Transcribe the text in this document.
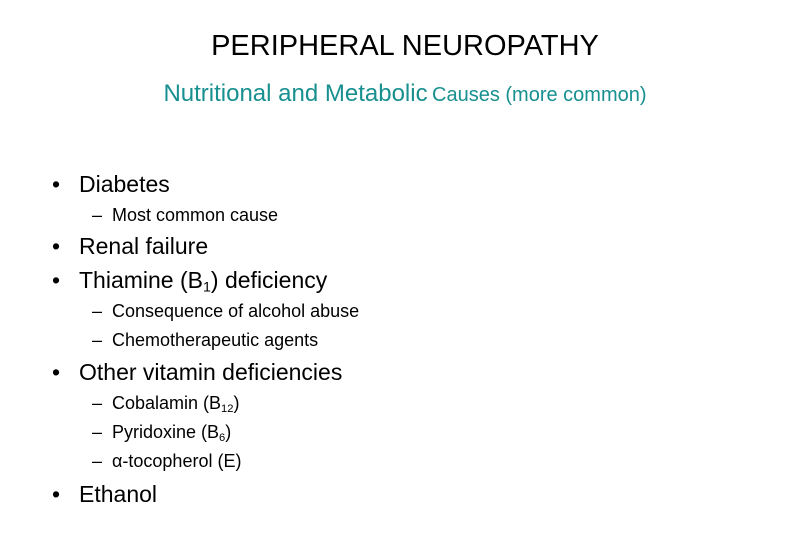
PERIPHERAL NEUROPATHY
Nutritional and Metabolic Causes (more common)
• Diabetes
– Most common cause
• Renal failure
• Thiamine $(B_1)$ deficiency
– Consequence of alcohol abuse
– Chemotherapeutic agents
• Other vitamin deficiencies
– Cobalamin $(B_{12})$
– Pyridoxine $(B_6)$
– α-tocopherol (E)
• Ethanol
